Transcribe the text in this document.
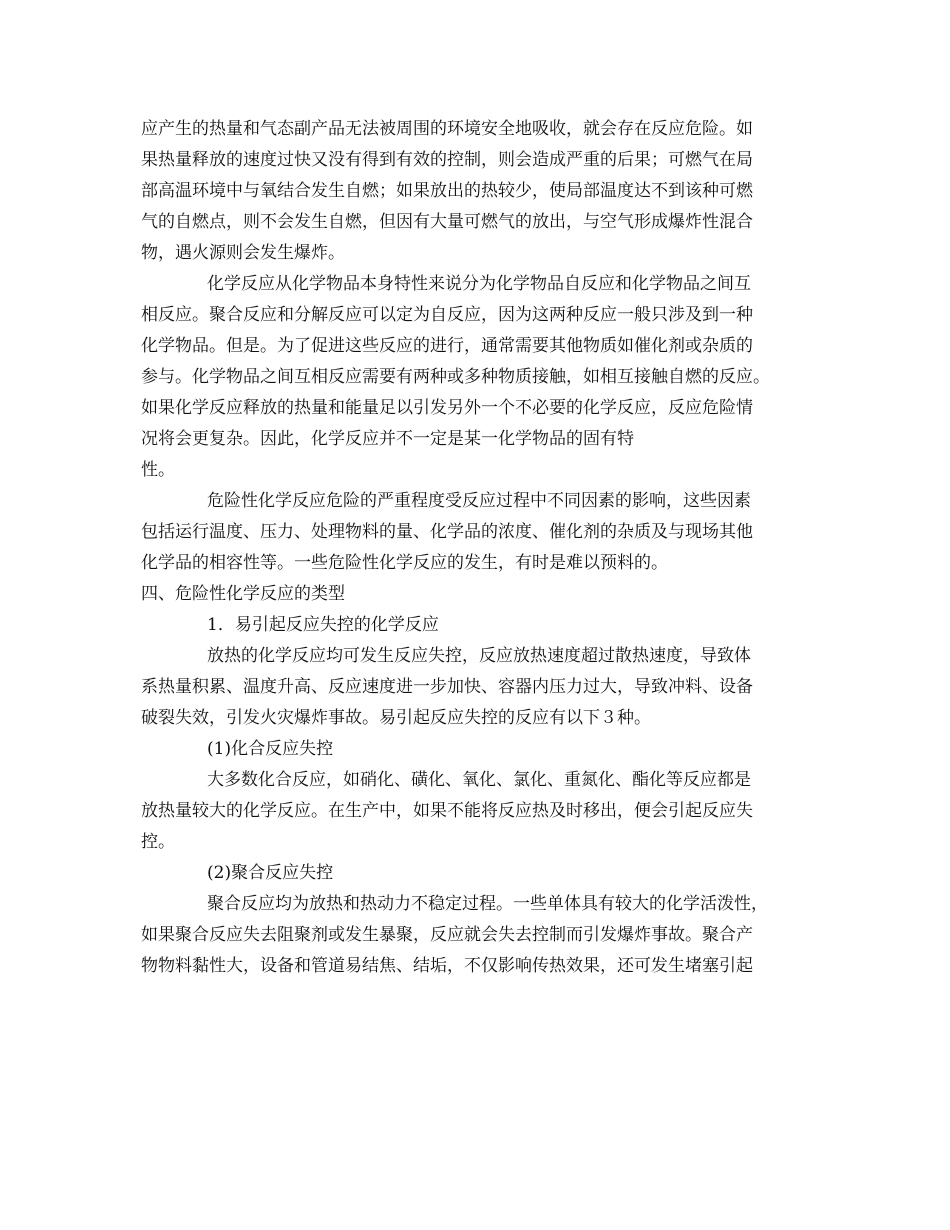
应产生的热量和气态副产品无法被周围的环境安全地吸收，就会存在反应危险。如
果热量释放的速度过快又没有得到有效的控制，则会造成严重的后果；可燃气在局
部高温环境中与氧结合发生自燃；如果放出的热较少，使局部温度达不到该种可燃
气的自燃点，则不会发生自燃，但因有大量可燃气的放出，与空气形成爆炸性混合
物，遇火源则会发生爆炸。
化学反应从化学物品本身特性来说分为化学物品自反应和化学物品之间互
相反应。聚合反应和分解反应可以定为自反应，因为这两种反应一般只涉及到一种
化学物品。但是。为了促进这些反应的进行，通常需要其他物质如催化剂或杂质的
参与。化学物品之间互相反应需要有两种或多种物质接触，如相互接触自燃的反应。
如果化学反应释放的热量和能量足以引发另外一个不必要的化学反应，反应危险情
况将会更复杂。因此，化学反应并不一定是某一化学物品的固有特
性。
危险性化学反应危险的严重程度受反应过程中不同因素的影响，这些因素
包括运行温度、压力、处理物料的量、化学品的浓度、催化剂的杂质及与现场其他
化学品的相容性等。一些危险性化学反应的发生，有时是难以预料的。
四、危险性化学反应的类型
1．易引起反应失控的化学反应
放热的化学反应均可发生反应失控，反应放热速度超过散热速度，导致体
系热量积累、温度升高、反应速度进一步加快、容器内压力过大，导致冲料、设备
破裂失效，引发火灾爆炸事故。易引起反应失控的反应有以下３种。
(1)化合反应失控
大多数化合反应，如硝化、磺化、氧化、氯化、重氮化、酯化等反应都是
放热量较大的化学反应。在生产中，如果不能将反应热及时移出，便会引起反应失
控。
(2)聚合反应失控
聚合反应均为放热和热动力不稳定过程。一些单体具有较大的化学活泼性，
如果聚合反应失去阻聚剂或发生暴聚，反应就会失去控制而引发爆炸事故。聚合产
物物料黏性大，设备和管道易结焦、结垢，不仅影响传热效果，还可发生堵塞引起
